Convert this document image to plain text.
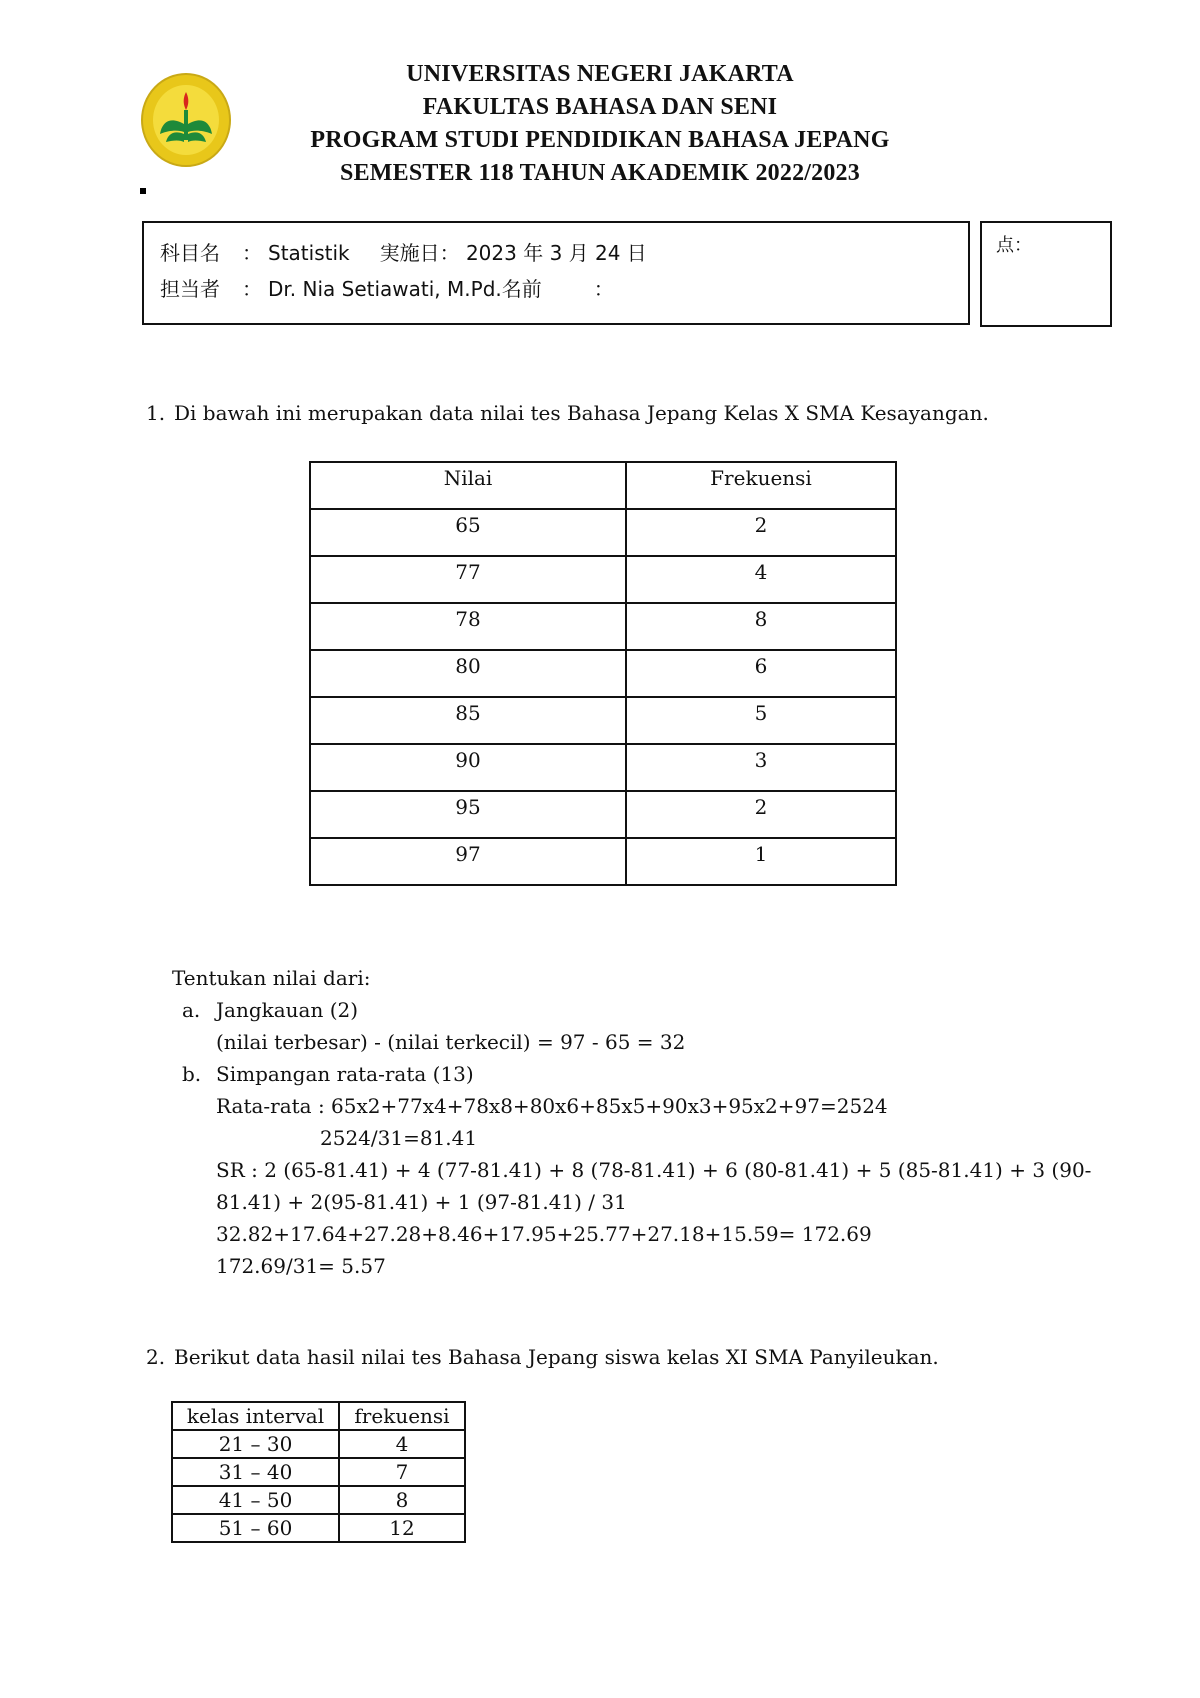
UNIVERSITAS NEGERI JAKARTA
FAKULTAS BAHASA DAN SENI
PROGRAM STUDI PENDIDIKAN BAHASA JEPANG
SEMESTER 118 TAHUN AKADEMIK 2022/2023
科目名 ： Statistik 実施日： 2023 年 3 月 24 日
担当者 ： Dr. Nia Setiawati, M.Pd.名前	：
点：
1. Di bawah ini merupakan data nilai tes Bahasa Jepang Kelas X SMA Kesayangan.
Nilai	Frekuensi
65	2
77	4
78	8
80	6
85	5
90	3
95	2
97	1
Tentukan nilai dari:
a. Jangkauan (2)
(nilai terbesar) - (nilai terkecil) = 97 - 65 = 32
b. Simpangan rata-rata (13)
Rata-rata : 65x2+77x4+78x8+80x6+85x5+90x3+95x2+97=2524
2524/31=81.41
SR : 2 (65-81.41) + 4 (77-81.41) + 8 (78-81.41) + 6 (80-81.41) + 5 (85-81.41) + 3 (90-
81.41) + 2(95-81.41) + 1 (97-81.41) / 31
32.82+17.64+27.28+8.46+17.95+25.77+27.18+15.59= 172.69
172.69/31= 5.57
2. Berikut data hasil nilai tes Bahasa Jepang siswa kelas XI SMA Panyileukan.
kelas interval	frekuensi
21 – 30	4
31 – 40	7
41 – 50	8
51 – 60	12
